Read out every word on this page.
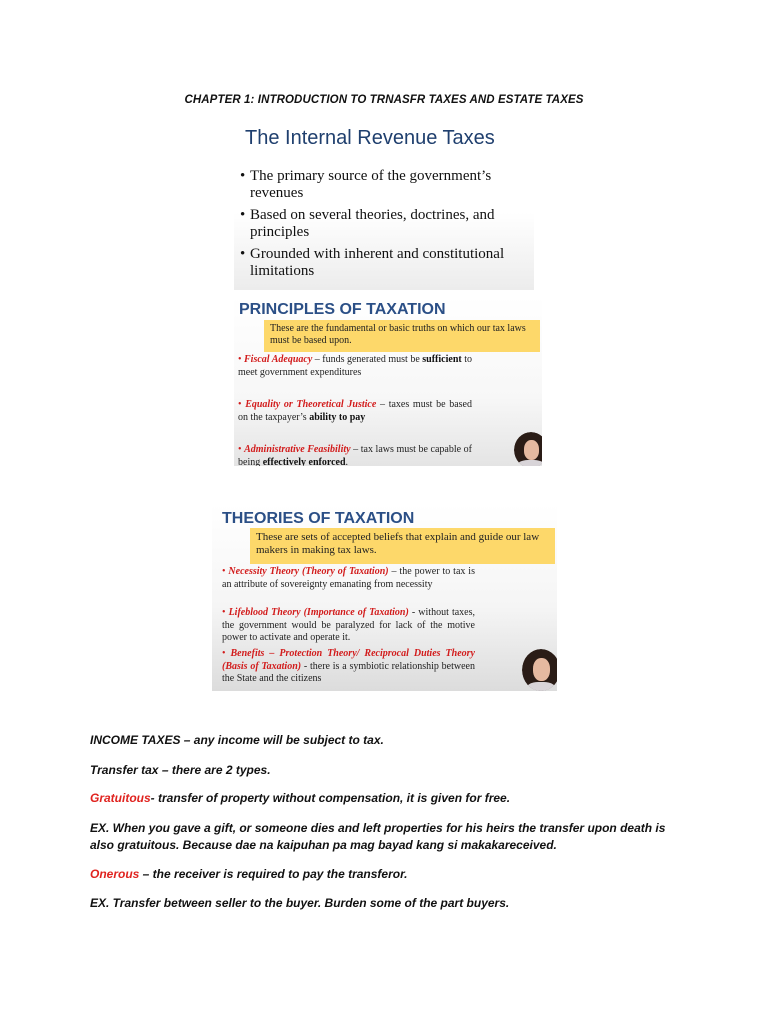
CHAPTER 1: INTRODUCTION TO TRNASFR TAXES AND ESTATE TAXES
The Internal Revenue Taxes
• The primary source of the government’s revenues
• Based on several theories, doctrines, and principles
• Grounded with inherent and constitutional limitations
PRINCIPLES OF TAXATION
These are the fundamental or basic truths on which our tax laws must be based upon.
• Fiscal Adequacy – funds generated must be sufficient to meet government expenditures
• Equality or Theoretical Justice – taxes must be based on the taxpayer’s ability to pay
• Administrative Feasibility – tax laws must be capable of being effectively enforced.
THEORIES OF TAXATION
These are sets of accepted beliefs that explain and guide our law makers in making tax laws.
• Necessity Theory (Theory of Taxation) – the power to tax is an attribute of sovereignty emanating from necessity
• Lifeblood Theory (Importance of Taxation) - without taxes, the government would be paralyzed for lack of the motive power to activate and operate it.
• Benefits – Protection Theory/ Reciprocal Duties Theory (Basis of Taxation) - there is a symbiotic relationship between the State and the citizens
INCOME TAXES – any income will be subject to tax.
Transfer tax – there are 2 types.
Gratuitous- transfer of property without compensation, it is given for free.
EX. When you gave a gift, or someone dies and left properties for his heirs the transfer upon death is also gratuitous. Because dae na kaipuhan pa mag bayad kang si makakareceived.
Onerous – the receiver is required to pay the transferor.
EX. Transfer between seller to the buyer. Burden some of the part buyers.
